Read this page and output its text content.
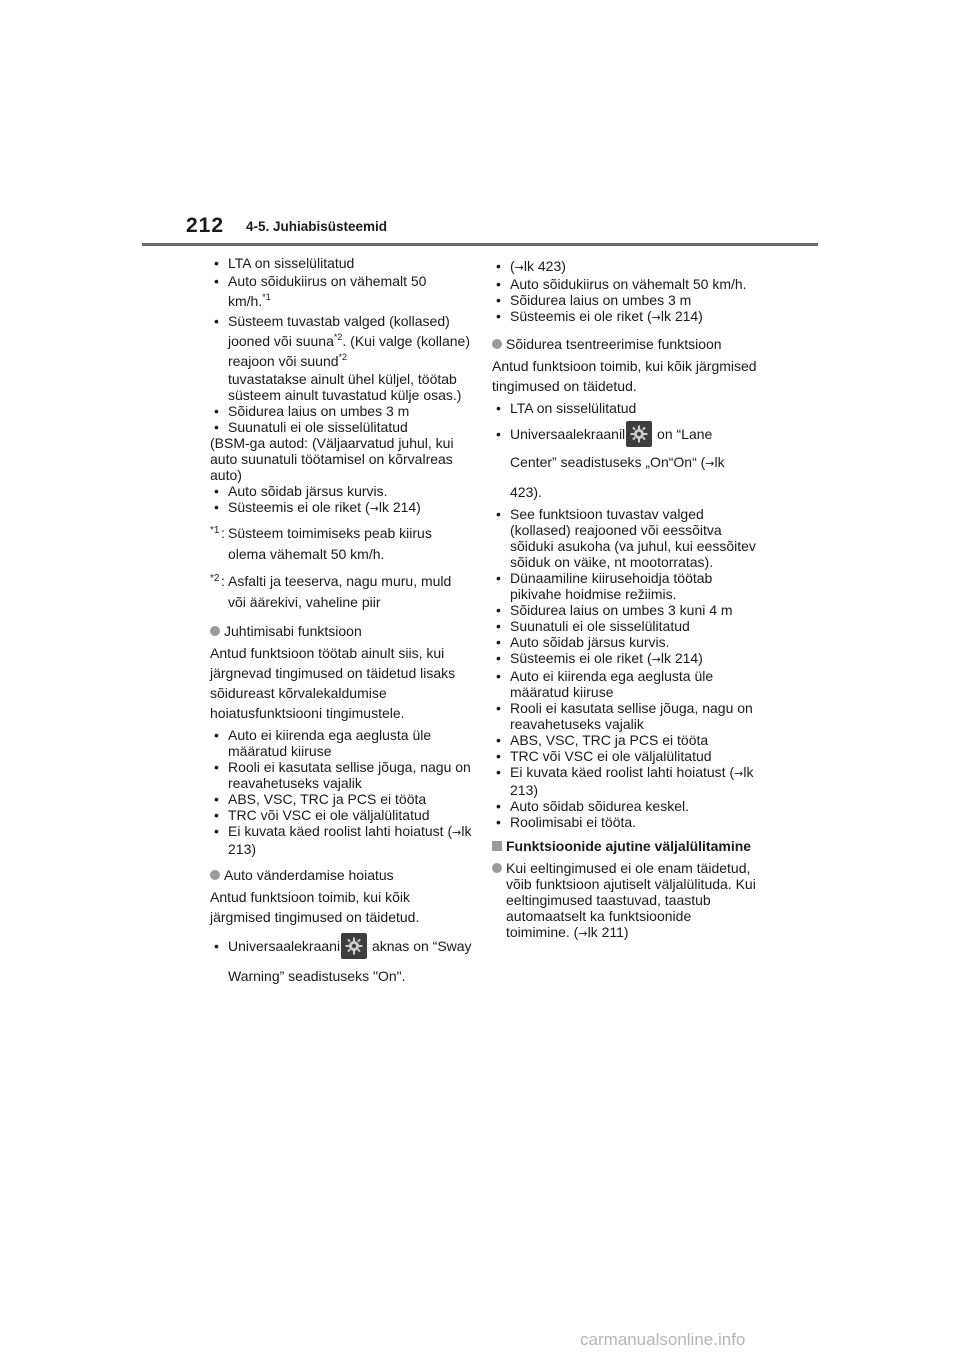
212 4-5. Juhiabisüsteemid
• LTA on sisselülitatud
• Auto sõidukiirus on vähemalt 50 km/h.$^{*1}$
• Süsteem tuvastab valged (kollased) jooned või suuna$^{*2}$. (Kui valge (kollane) reajoon või suund$^{*2}$
tuvastatakse ainult ühel küljel, töötab süsteem ainult tuvastatud külje osas.)
• Sõidurea laius on umbes 3 m
• Suunatuli ei ole sisselülitatud
(BSM-ga autod: (Väljaarvatud juhul, kui auto suunatuli töötamisel on kõrvalreas auto)
• Auto sõidab järsus kurvis.
• Süsteemis ei ole riket (→lk 214)
*1 : Süsteem toimimiseks peab kiirus olema vähemalt 50 km/h.
*2 : Asfalti ja teeserva, nagu muru, muld või äärekivi, vaheline piir
Juhtimisabi funktsioon
Antud funktsioon töötab ainult siis, kui järgnevad tingimused on täidetud lisaks sõidureast kõrvalekaldumise hoiatusfunktsiooni tingimustele.
• Auto ei kiirenda ega aeglusta üle määratud kiiruse
• Rooli ei kasutata sellise jõuga, nagu on reavahetuseks vajalik
• ABS, VSC, TRC ja PCS ei tööta
• TRC või VSC ei ole väljalülitatud
• Ei kuvata käed roolist lahti hoiatust (→lk 213)
Auto vänderdamise hoiatus
Antud funktsioon toimib, kui kõik järgmised tingimused on täidetud.
• Universaalekraani
aknas on “Sway Warning” seadistuseks "On".
• (→lk 423)
• Auto sõidukiirus on vähemalt 50 km/h.
• Sõidurea laius on umbes 3 m
• Süsteemis ei ole riket (→lk 214)
Sõidurea tsentreerimise funktsioon
Antud funktsioon toimib, kui kõik järgmised tingimused on täidetud.
• LTA on sisselülitatud
• Universaalekraanil
on “Lane Center” seadistuseks „On“On“ (→lk 423).
• See funktsioon tuvastav valged (kollased) reajooned või eessõitva sõiduki asukoha (va juhul, kui eessõitev sõiduk on väike, nt mootorratas).
• Dünaamiline kiirusehoidja töötab pikivahe hoidmise režiimis.
• Sõidurea laius on umbes 3 kuni 4 m
• Suunatuli ei ole sisselülitatud
• Auto sõidab järsus kurvis.
• Süsteemis ei ole riket (→lk 214)
• Auto ei kiirenda ega aeglusta üle määratud kiiruse
• Rooli ei kasutata sellise jõuga, nagu on reavahetuseks vajalik
• ABS, VSC, TRC ja PCS ei tööta
• TRC või VSC ei ole väljalülitatud
• Ei kuvata käed roolist lahti hoiatust (→lk 213)
• Auto sõidab sõidurea keskel.
• Roolimisabi ei tööta.
Funktsioonide ajutine väljalülitamine
Kui eeltingimused ei ole enam täidetud, võib funktsioon ajutiselt väljalülituda. Kui eeltingimused taastuvad, taastub automaatselt ka funktsioonide toimimine. (→lk 211)
carmanualsonline.info
